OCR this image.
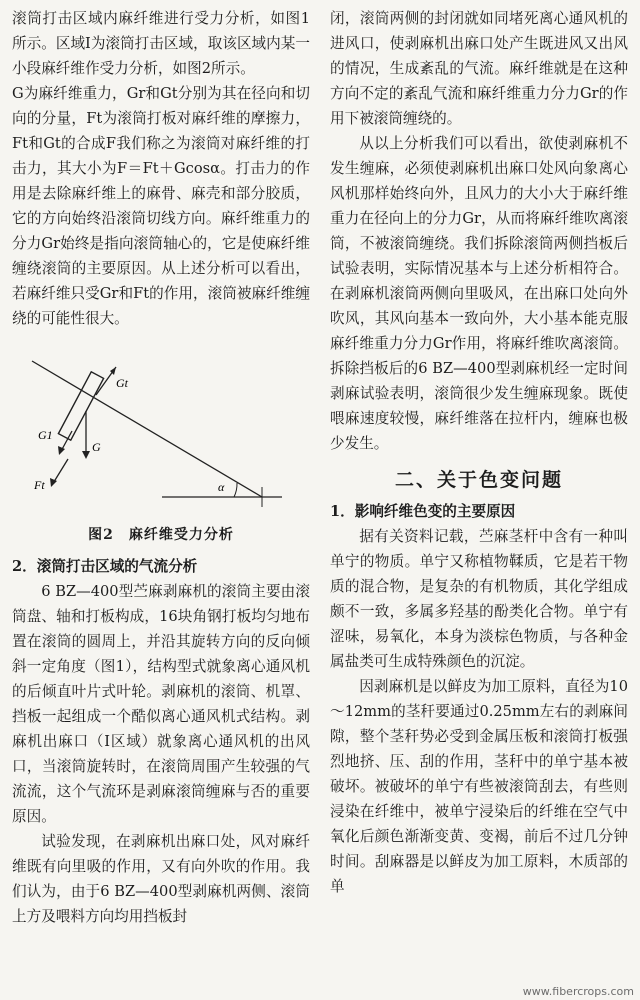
滚筒打击区域内麻纤维进行受力分析，如图1所示。区域Ⅰ为滚筒打击区域，取该区域内某一小段麻纤维作受力分析，如图2所示。

G为麻纤维重力，Gr和Gt分别为其在径向和切向的分量，Ft为滚筒打板对麻纤维的摩擦力，Ft和Gt的合成F我们称之为滚筒对麻纤维的打击力，其大小为F＝Ft＋Gcosα。打击力的作用是去除麻纤维上的麻骨、麻壳和部分胶质，它的方向始终沿滚筒切线方向。麻纤维重力的分力Gr始终是指向滚筒轴心的，它是使麻纤维缠绕滚筒的主要原因。从上述分析可以看出，若麻纤维只受Gr和Ft的作用，滚筒被麻纤维缠绕的可能性很大。

Gt
G1
G
Ft	α
图2　麻纤维受力分析

2．滚筒打击区域的气流分析

6 BZ—400型苎麻剥麻机的滚筒主要由滚筒盘、轴和打板构成，16块角钢打板均匀地布置在滚筒的圆周上，并沿其旋转方向的反向倾斜一定角度（图1），结构型式就象离心通风机的后倾直叶片式叶轮。剥麻机的滚筒、机罩、挡板一起组成一个酷似离心通风机式结构。剥麻机出麻口（Ⅰ区域）就象离心通风机的出风口，当滚筒旋转时，在滚筒周围产生较强的气流流，这个气流环是剥麻滚筒缠麻与否的重要原因。

试验发现，在剥麻机出麻口处，风对麻纤维既有向里吸的作用，又有向外吹的作用。我们认为，由于6 BZ—400型剥麻机两侧、滚筒上方及喂料方向均用挡板封

闭，滚筒两侧的封闭就如同堵死离心通风机的进风口，使剥麻机出麻口处产生既进风又出风的情况，生成紊乱的气流。麻纤维就是在这种方向不定的紊乱气流和麻纤维重力分力Gr的作用下被滚筒缠绕的。

从以上分析我们可以看出，欲使剥麻机不发生缠麻，必须使剥麻机出麻口处风向象离心风机那样始终向外，且风力的大小大于麻纤维重力在径向上的分力Gr，从而将麻纤维吹离滚筒，不被滚筒缠绕。我们拆除滚筒两侧挡板后试验表明，实际情况基本与上述分析相符合。在剥麻机滚筒两侧向里吸风，在出麻口处向外吹风，其风向基本一致向外，大小基本能克服麻纤维重力分力Gr作用，将麻纤维吹离滚筒。拆除挡板后的6 BZ—400型剥麻机经一定时间剥麻试验表明，滚筒很少发生缠麻现象。既使喂麻速度较慢，麻纤维落在拉杆内，缠麻也极少发生。

二、关于色变问题

1．影响纤维色变的主要原因

据有关资料记载，苎麻茎杆中含有一种叫单宁的物质。单宁又称植物鞣质，它是若干物质的混合物，是复杂的有机物质，其化学组成颇不一致，多属多羟基的酚类化合物。单宁有涩味，易氧化，本身为淡棕色物质，与各种金属盐类可生成特殊颜色的沉淀。

因剥麻机是以鲜皮为加工原料，直径为10～12mm的茎秆要通过0.25mm左右的剥麻间隙，整个茎秆势必受到金属压板和滚筒打板强烈地挤、压、刮的作用，茎秆中的单宁基本被破坏。被破坏的单宁有些被滚筒刮去，有些则浸染在纤维中，被单宁浸染后的纤维在空气中氧化后颜色渐渐变黄、变褐，前后不过几分钟时间。刮麻器是以鲜皮为加工原料，木质部的单

www.fibercrops.com
